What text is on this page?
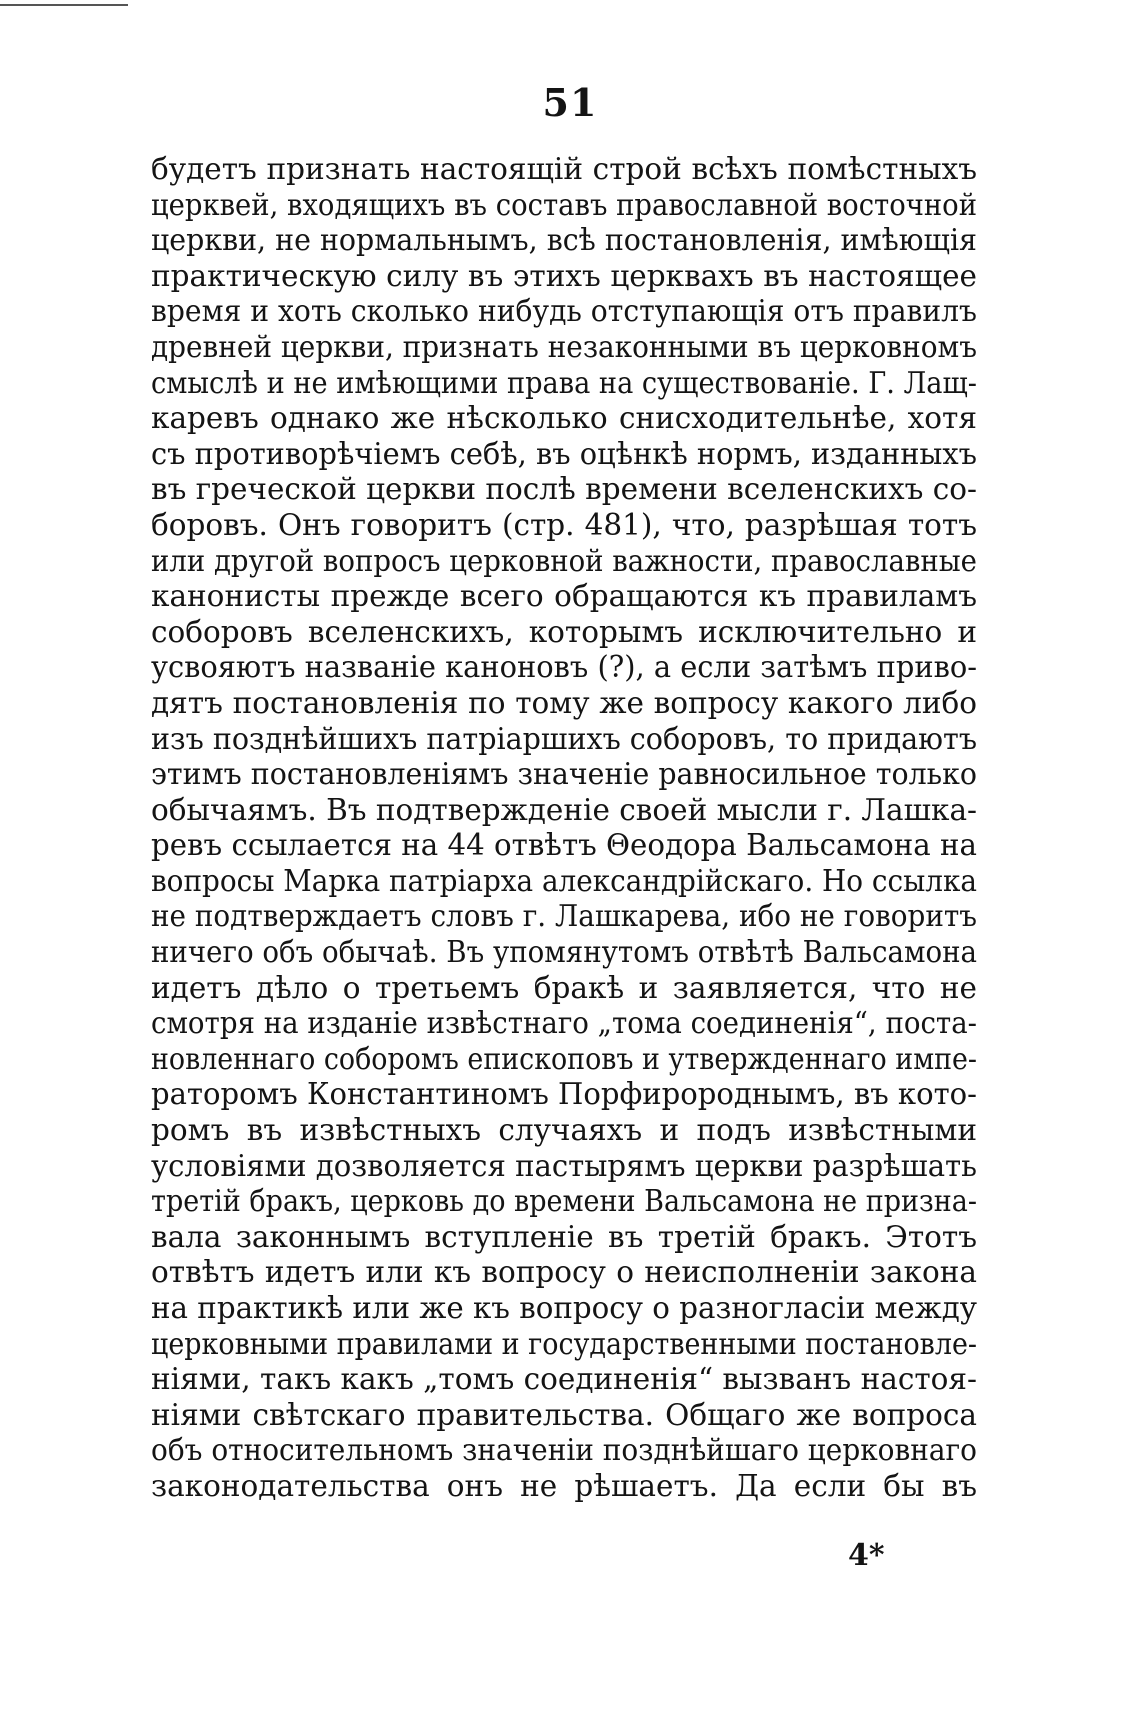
51
будетъ признать настоящій строй всѣхъ помѣстныхъ
церквей, входящихъ въ составъ православной восточной
церкви, не нормальнымъ, всѣ постановленія, имѣющія
практическую силу въ этихъ церквахъ въ настоящее
время и хоть сколько нибудь отступающія отъ правилъ
древней церкви, признать незаконными въ церковномъ
смыслѣ и не имѣющими права на существованіе. Г. Лащ-
каревъ однако же нѣсколько снисходительнѣе, хотя
съ противорѣчіемъ себѣ, въ оцѣнкѣ нормъ, изданныхъ
въ греческой церкви послѣ времени вселенскихъ со-
боровъ. Онъ говоритъ (стр. 481), что, разрѣшая тотъ
или другой вопросъ церковной важности, православные
канонисты прежде всего обращаются къ правиламъ
соборовъ вселенскихъ, которымъ исключительно и
усвояютъ названіе каноновъ (?), а если затѣмъ приво-
дятъ постановленія по тому же вопросу какого либо
изъ позднѣйшихъ патріаршихъ соборовъ, то придаютъ
этимъ постановленіямъ значеніе равносильное только
обычаямъ. Въ подтвержденіе своей мысли г. Лашка-
ревъ ссылается на 44 отвѣтъ Θеодора Вальсамона на
вопросы Марка патріарха александрійскаго. Но ссылка
не подтверждаетъ словъ г. Лашкарева, ибо не говоритъ
ничего объ обычаѣ. Въ упомянутомъ отвѣтѣ Вальсамона
идетъ дѣло о третьемъ бракѣ и заявляется, что не
смотря на изданіе извѣстнаго „тома соединенія“, поста-
новленнаго соборомъ епископовъ и утвержденнаго импе-
раторомъ Константиномъ Порфиророднымъ, въ кото-
ромъ въ извѣстныхъ случаяхъ и подъ извѣстными
условіями дозволяется пастырямъ церкви разрѣшать
третій бракъ, церковь до времени Вальсамона не призна-
вала законнымъ вступленіе въ третій бракъ. Этотъ
отвѣтъ идетъ или къ вопросу о неисполненіи закона
на практикѣ или же къ вопросу о разногласіи между
церковными правилами и государственными постановле-
ніями, такъ какъ „томъ соединенія“ вызванъ настоя-
ніями свѣтскаго правительства. Общаго же вопроса
объ относительномъ значеніи позднѣйшаго церковнаго
законодательства онъ не рѣшаетъ. Да если бы въ
4*
